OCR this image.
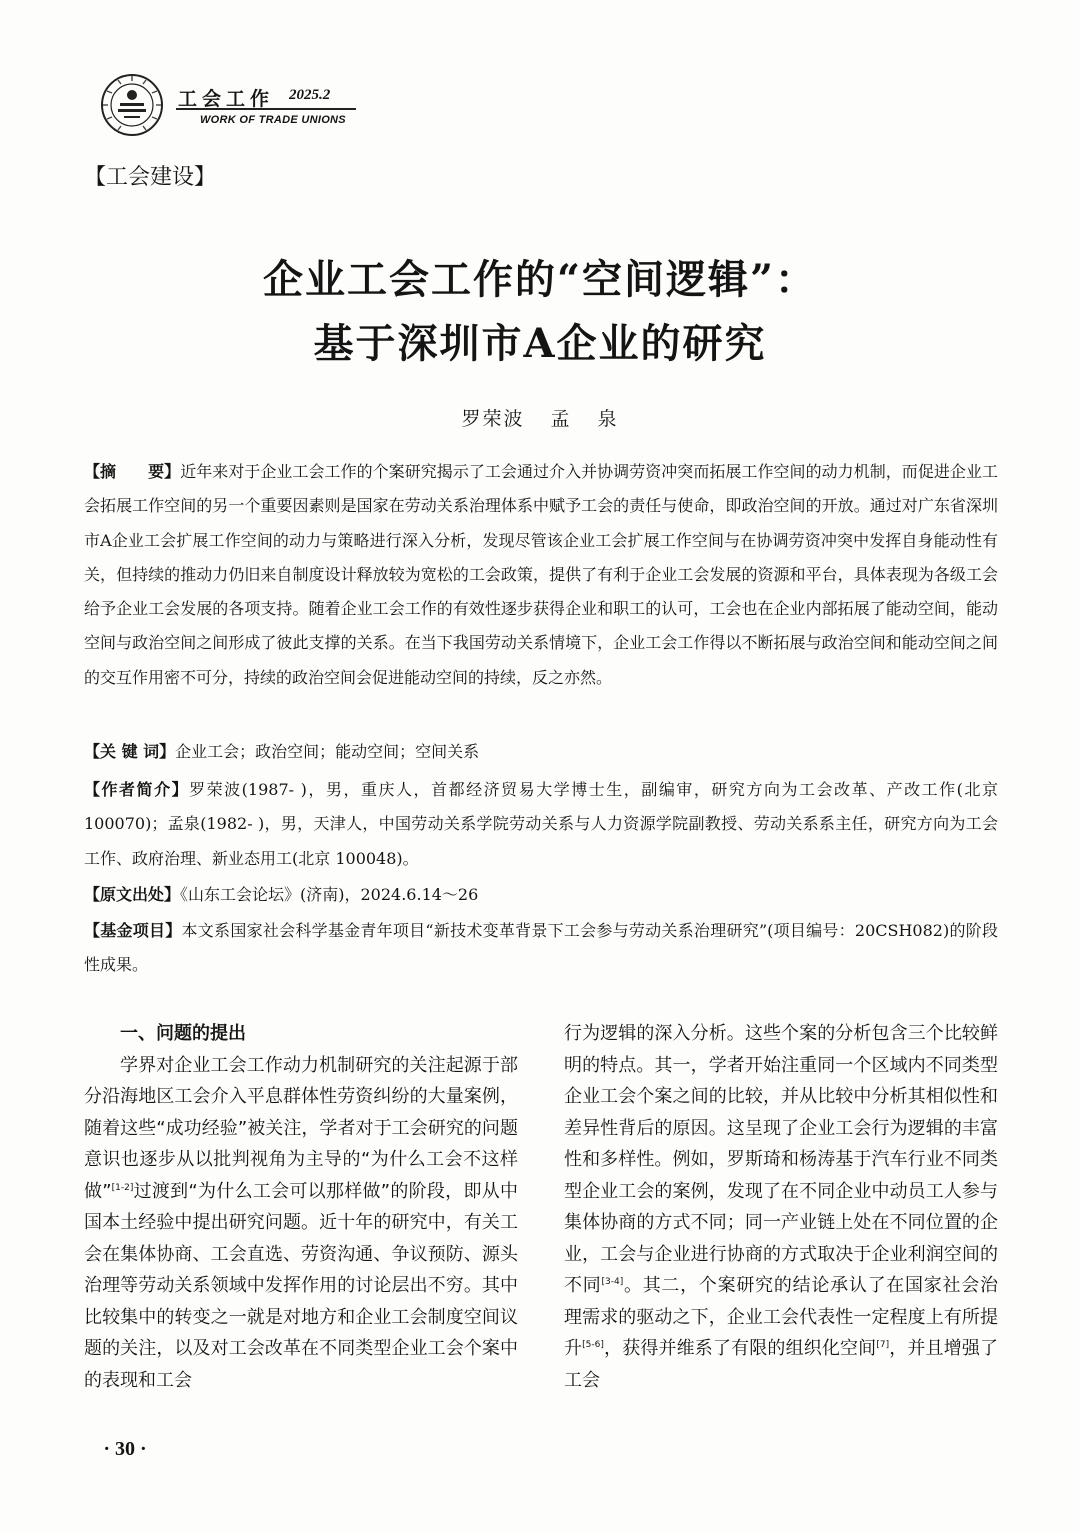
工会工作 2025.2
WORK OF TRADE UNIONS
【工会建设】
企业工会工作的“空间逻辑”：
基于深圳市A企业的研究
罗荣波 孟 泉
【摘　　要】近年来对于企业工会工作的个案研究揭示了工会通过介入并协调劳资冲突而拓展工作空间的动力机制，而促进企业工会拓展工作空间的另一个重要因素则是国家在劳动关系治理体系中赋予工会的责任与使命，即政治空间的开放。通过对广东省深圳市A企业工会扩展工作空间的动力与策略进行深入分析，发现尽管该企业工会扩展工作空间与在协调劳资冲突中发挥自身能动性有关，但持续的推动力仍旧来自制度设计释放较为宽松的工会政策，提供了有利于企业工会发展的资源和平台，具体表现为各级工会给予企业工会发展的各项支持。随着企业工会工作的有效性逐步获得企业和职工的认可，工会也在企业内部拓展了能动空间，能动空间与政治空间之间形成了彼此支撑的关系。在当下我国劳动关系情境下，企业工会工作得以不断拓展与政治空间和能动空间之间的交互作用密不可分，持续的政治空间会促进能动空间的持续，反之亦然。
【关 键 词】企业工会；政治空间；能动空间；空间关系
【作者简介】罗荣波(1987- )，男，重庆人，首都经济贸易大学博士生，副编审，研究方向为工会改革、产改工作(北京 100070)；孟泉(1982- )，男，天津人，中国劳动关系学院劳动关系与人力资源学院副教授、劳动关系系主任，研究方向为工会工作、政府治理、新业态用工(北京 100048)。
【原文出处】《山东工会论坛》(济南)，2024.6.14～26
【基金项目】本文系国家社会科学基金青年项目“新技术变革背景下工会参与劳动关系治理研究”(项目编号：20CSH082)的阶段性成果。
一、问题的提出

学界对企业工会工作动力机制研究的关注起源于部分沿海地区工会介入平息群体性劳资纠纷的大量案例，随着这些“成功经验”被关注，学者对于工会研究的问题意识也逐步从以批判视角为主导的“为什么工会不这样做”[1-2]过渡到“为什么工会可以那样做”的阶段，即从中国本土经验中提出研究问题。近十年的研究中，有关工会在集体协商、工会直选、劳资沟通、争议预防、源头治理等劳动关系领域中发挥作用的讨论层出不穷。其中比较集中的转变之一就是对地方和企业工会制度空间议题的关注，以及对工会改革在不同类型企业工会个案中的表现和工会

行为逻辑的深入分析。这些个案的分析包含三个比较鲜明的特点。其一，学者开始注重同一个区域内不同类型企业工会个案之间的比较，并从比较中分析其相似性和差异性背后的原因。这呈现了企业工会行为逻辑的丰富性和多样性。例如，罗斯琦和杨涛基于汽车行业不同类型企业工会的案例，发现了在不同企业中动员工人参与集体协商的方式不同；同一产业链上处在不同位置的企业，工会与企业进行协商的方式取决于企业利润空间的不同[3-4]。其二，个案研究的结论承认了在国家社会治理需求的驱动之下，企业工会代表性一定程度上有所提升[5-6]，获得并维系了有限的组织化空间[7]，并且增强了工会

· 30 ·
